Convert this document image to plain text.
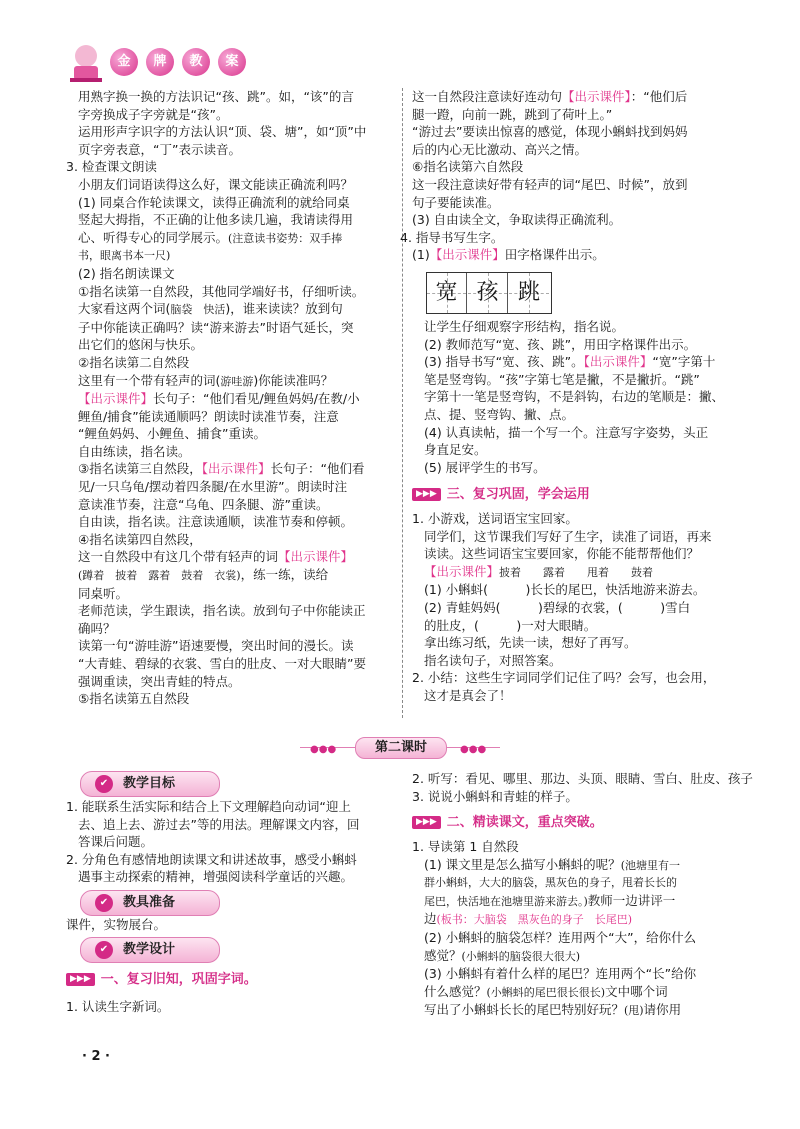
金	牌	教	案

用熟字换一换的方法识记“孩、跳”。如，“该”的言

字旁换成子字旁就是“孩”。

运用形声字识字的方法认识“顶、袋、塘”，如“顶”中

页字旁表意，“丁”表示读音。

3. 检查课文朗读

小朋友们词语读得这么好，课文能读正确流利吗？

(1) 同桌合作轮读课文，读得正确流利的就给同桌

竖起大拇指，不正确的让他多读几遍，我请读得用

心、听得专心的同学展示。(注意读书姿势：双手捧

书，眼离书本一尺)

(2) 指名朗读课文

①指名读第一自然段，其他同学端好书，仔细听读。

大家看这两个词(脑袋　快活)，谁来读读？放到句

子中你能读正确吗？读“游来游去”时语气延长，突

出它们的悠闲与快乐。

②指名读第二自然段

这里有一个带有轻声的词(游哇游)你能读准吗？

【出示课件】长句子：“他们看见/鲤鱼妈妈/在教/小

鲤鱼/捕食”能读通顺吗？朗读时读准节奏，注意

“鲤鱼妈妈、小鲤鱼、捕食”重读。

自由练读，指名读。

③指名读第三自然段，【出示课件】长句子：“他们看

见/一只乌龟/摆动着四条腿/在水里游”。朗读时注

意读准节奏，注意“乌龟、四条腿、游”重读。

自由读，指名读。注意读通顺，读准节奏和停顿。

④指名读第四自然段，

这一自然段中有这几个带有轻声的词【出示课件】

(蹲着　披着　露着　鼓着　衣裳)，练一练，读给

同桌听。

老师范读，学生跟读，指名读。放到句子中你能读正

确吗？

读第一句“游哇游”语速要慢，突出时间的漫长。读

“大青蛙、碧绿的衣裳、雪白的肚皮、一对大眼睛”要

强调重读，突出青蛙的特点。

⑤指名读第五自然段

这一自然段注意读好连动句【出示课件】：“他们后

腿一蹬，向前一跳，跳到了荷叶上。”

“游过去”要读出惊喜的感觉，体现小蝌蚪找到妈妈

后的内心无比激动、高兴之情。

⑥指名读第六自然段

这一段注意读好带有轻声的词“尾巴、时候”，放到

句子要能读准。

(3) 自由读全文，争取读得正确流利。

4. 指导书写生字。

(1)【出示课件】田字格课件出示。

宽 孩 跳

让学生仔细观察字形结构，指名说。

(2) 教师范写“宽、孩、跳”，用田字格课件出示。

(3) 指导书写“宽、孩、跳”。【出示课件】“宽”字第十

笔是竖弯钩。“孩”字第七笔是撇，不是撇折。“跳”

字第十一笔是竖弯钩，不是斜钩，右边的笔顺是：撇、

点、提、竖弯钩、撇、点。

(4) 认真读帖，描一个写一个。注意写字姿势，头正

身直足安。

(5) 展评学生的书写。

▶▶▶ 三、复习巩固，学会运用

1. 小游戏，送词语宝宝回家。

同学们，这节课我们写好了生字，读准了词语，再来

读读。这些词语宝宝要回家，你能不能帮帮他们？

【出示课件】披着　　露着　　甩着　　鼓着

(1) 小蝌蚪(　　　)长长的尾巴，快活地游来游去。

(2) 青蛙妈妈(　　　)碧绿的衣裳，(　　　)雪白

的肚皮，(　　　)一对大眼睛。

拿出练习纸，先读一读，想好了再写。

指名读句子，对照答案。

2. 小结：这些生字词同学们记住了吗？会写，也会用，

这才是真会了！

●●●	●●●
第二课时
✔	教学目标

1. 能联系生活实际和结合上下文理解趋向动词“迎上

去、追上去、游过去”等的用法。理解课文内容，回

答课后问题。

2. 分角色有感情地朗读课文和讲述故事，感受小蝌蚪

遇事主动探索的精神，增强阅读科学童话的兴趣。

✔	教具准备
课件，实物展台。
✔	教学设计
▶▶▶ 一、复习旧知，巩固字词。
1. 认读生字新词。

2. 听写：看见、哪里、那边、头顶、眼睛、雪白、肚皮、孩子

3. 说说小蝌蚪和青蛙的样子。

▶▶▶ 二、精读课文，重点突破。

1. 导读第 1 自然段

(1) 课文里是怎么描写小蝌蚪的呢？(池塘里有一

群小蝌蚪，大大的脑袋，黑灰色的身子，甩着长长的

尾巴，快活地在池塘里游来游去。)教师一边讲评一

边(板书：大脑袋　黑灰色的身子　长尾巴)

(2) 小蝌蚪的脑袋怎样？连用两个“大”，给你什么

感觉？(小蝌蚪的脑袋很大很大)

(3) 小蝌蚪有着什么样的尾巴？连用两个“长”给你

什么感觉？(小蝌蚪的尾巴很长很长)文中哪个词

写出了小蝌蚪长长的尾巴特别好玩？(甩)请你用

· 2 ·
